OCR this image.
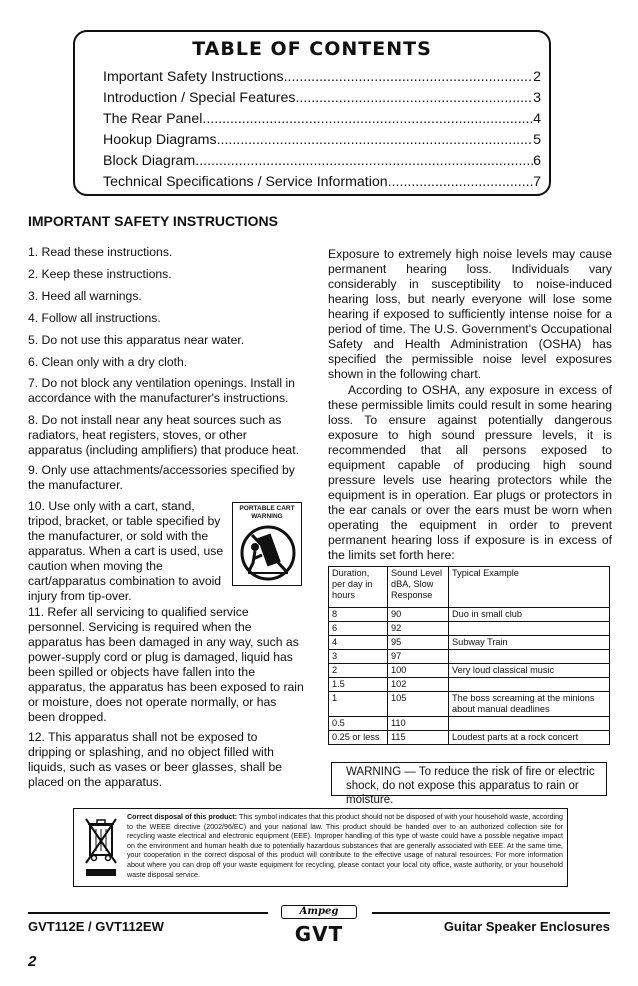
TABLE OF CONTENTS
Important Safety Instructions .....	2
Introduction / Special Features .....	3
The Rear Panel .....	4
Hookup Diagrams .....	5
Block Diagram .....	6
Technical Specifications / Service Information .....	7
IMPORTANT SAFETY INSTRUCTIONS

1. Read these instructions.

2. Keep these instructions.

3. Heed all warnings.

4. Follow all instructions.

5. Do not use this apparatus near water.

6. Clean only with a dry cloth.

7. Do not block any ventilation openings. Install in accordance with the manufacturer's instructions.

8. Do not install near any heat sources such as radiators, heat registers, stoves, or other apparatus (including amplifiers) that produce heat.

9. Only use attachments/accessories specified by the manufacturer.

10. Use only with a cart, stand, tripod, bracket, or table specified by the manufacturer, or sold with the apparatus. When a cart is used, use caution when moving the cart/apparatus combination to avoid injury from tip-over.

PORTABLE CART WARNING

11. Refer all servicing to qualified service personnel. Servicing is required when the apparatus has been damaged in any way, such as power-supply cord or plug is damaged, liquid has been spilled or objects have fallen into the apparatus, the apparatus has been exposed to rain or moisture, does not operate normally, or has been dropped.

12. This apparatus shall not be exposed to dripping or splashing, and no object filled with liquids, such as vases or beer glasses, shall be placed on the apparatus.

Exposure to extremely high noise levels may cause permanent hearing loss. Individuals vary considerably in susceptibility to noise-induced hearing loss, but nearly everyone will lose some hearing if exposed to sufficiently intense noise for a period of time. The U.S. Government's Occupational Safety and Health Administration (OSHA) has specified the permissible noise level exposures shown in the following chart.

According to OSHA, any exposure in excess of these permissible limits could result in some hearing loss. To ensure against potentially dangerous exposure to high sound pressure levels, it is recommended that all persons exposed to equipment capable of producing high sound pressure levels use hearing protectors while the equipment is in operation. Ear plugs or protectors in the ear canals or over the ears must be worn when operating the equipment in order to prevent permanent hearing loss if exposure is in excess of the limits set forth here:

Duration, per day in hours	Sound Level dBA, Slow Response	Typical Example
8	90	Duo in small club
6	92	
4	95	Subway Train
3	97	
2	100	Very loud classical music
1.5	102	
1	105	The boss screaming at the minions about manual deadlines
0.5	110	
0.25 or less	115	Loudest parts at a rock concert
WARNING — To reduce the risk of fire or electric shock, do not expose this apparatus to rain or moisture.
Correct disposal of this product: This symbol indicates that this product should not be disposed of with your household waste, according to the WEEE directive (2002/96/EC) and your national law. This product should be handed over to an authorized collection site for recycling waste electrical and electronic equipment (EEE). Improper handling of this type of waste could have a possible negative impact on the environment and human health due to potentially hazardous substances that are generally associated with EEE. At the same time, your cooperation in the correct disposal of this product will contribute to the effective usage of natural resources. For more information about where you can drop off your waste equipment for recycling, please contact your local city office, waste authority, or your household waste disposal service.
GVT112E / GVT112EW
Ampeg
GVT	Guitar Speaker Enclosures
2
